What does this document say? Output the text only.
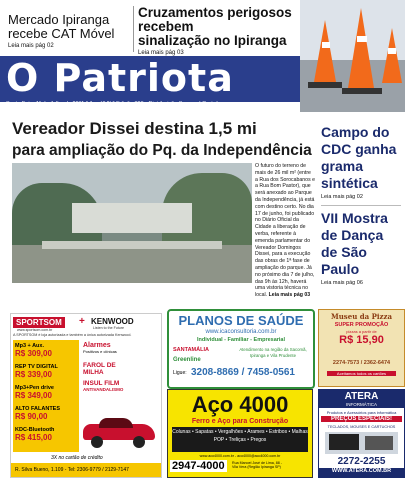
Mercado Ipiranga
recebe CAT Móvel
Leia mais pág 02
Cruzamentos perigosos recebem
sinalização no Ipiranga
Leia mais pág 03
O Patriota
Sexta-Feira 1º de Julho de 2011 * Ano XVII * Edição 806 - Distribuição Semanal Gratuita
Vereador Dissei destina 1,5 mi
para ampliação do Pq. da Independência
O futuro do terreno de mais de 26 mil m² (entre a Rua dos Sorocabanos e a Rua Bom Pastor), que será anexado ao Parque da Independência, já está com destino certo. No dia 17 de junho, foi publicado no Diário Oficial da Cidade a liberação de verba, referente à emenda parlamentar do Vereador Domingos Dissei, para a execução das obras de 1ª fase de ampliação do parque. Já no próximo dia 7 de julho, das 9h às 12h, haverá uma vistoria técnica no local. Leia mais pág 03
Campo do CDC ganha grama sintética
Leia mais pág 02
VII Mostra de Dança de São Paulo
Leia mais pág 06
SPORTSOM	+ KENWOOD
Listen to the Future
www.sportsom.com.br
A SPORTSOM é loja autorizada e também a única autorizada Kenwood.
Mp3 + Aux.
R$ 309,00
REP TV DIGITAL
R$ 339,00
Mp3+Pen drive
R$ 349,00
ALTO FALANTES
R$ 90,00
KDC-Bluetooth
R$ 415,00
Alarmes
Positivos e clínicas
FAROL DE MILHA
INSUL FILM
ANTIVANDALISMO
3X no cartão de crédito
R. Silva Bueno, 1.109 - Tel: 2306-9779 / 2129-7147
PLANOS DE SAÚDE
www.icaconsultoria.com.br
Individual - Familiar - Empresarial
SANTAMÁLIA
Greenline
Atendimento na região da Sacomã, Ipiranga e Vila Prudente
Ligue: 3208-8869 / 7458-0561
Aço 4000
Ferro e Aço para Construção
Colunas • Sapatas • Vergalhões • Arames • Estribos • Malhas POP • Treliças • Pregos
www.aco4000.com.br - aco4000@aco4000.com.br
2947-4000	Rua Manoel José de Lima, 88 - Vila Vera (Região Ipiranga SP)
Museu da Pizza
SUPER PROMOÇÃO
pizzas a partir de
R$ 15,90
2274-7573 / 2362-6474
Aceitamos todos os cartões
ATERA
INFORMÁTICA
Produtos e Acessórios para informática
PREÇOS ESPECIAIS!
TECLADOS, MOUSES E CARTUCHOS
2272-2255
WWW.ATERA.COM.BR
